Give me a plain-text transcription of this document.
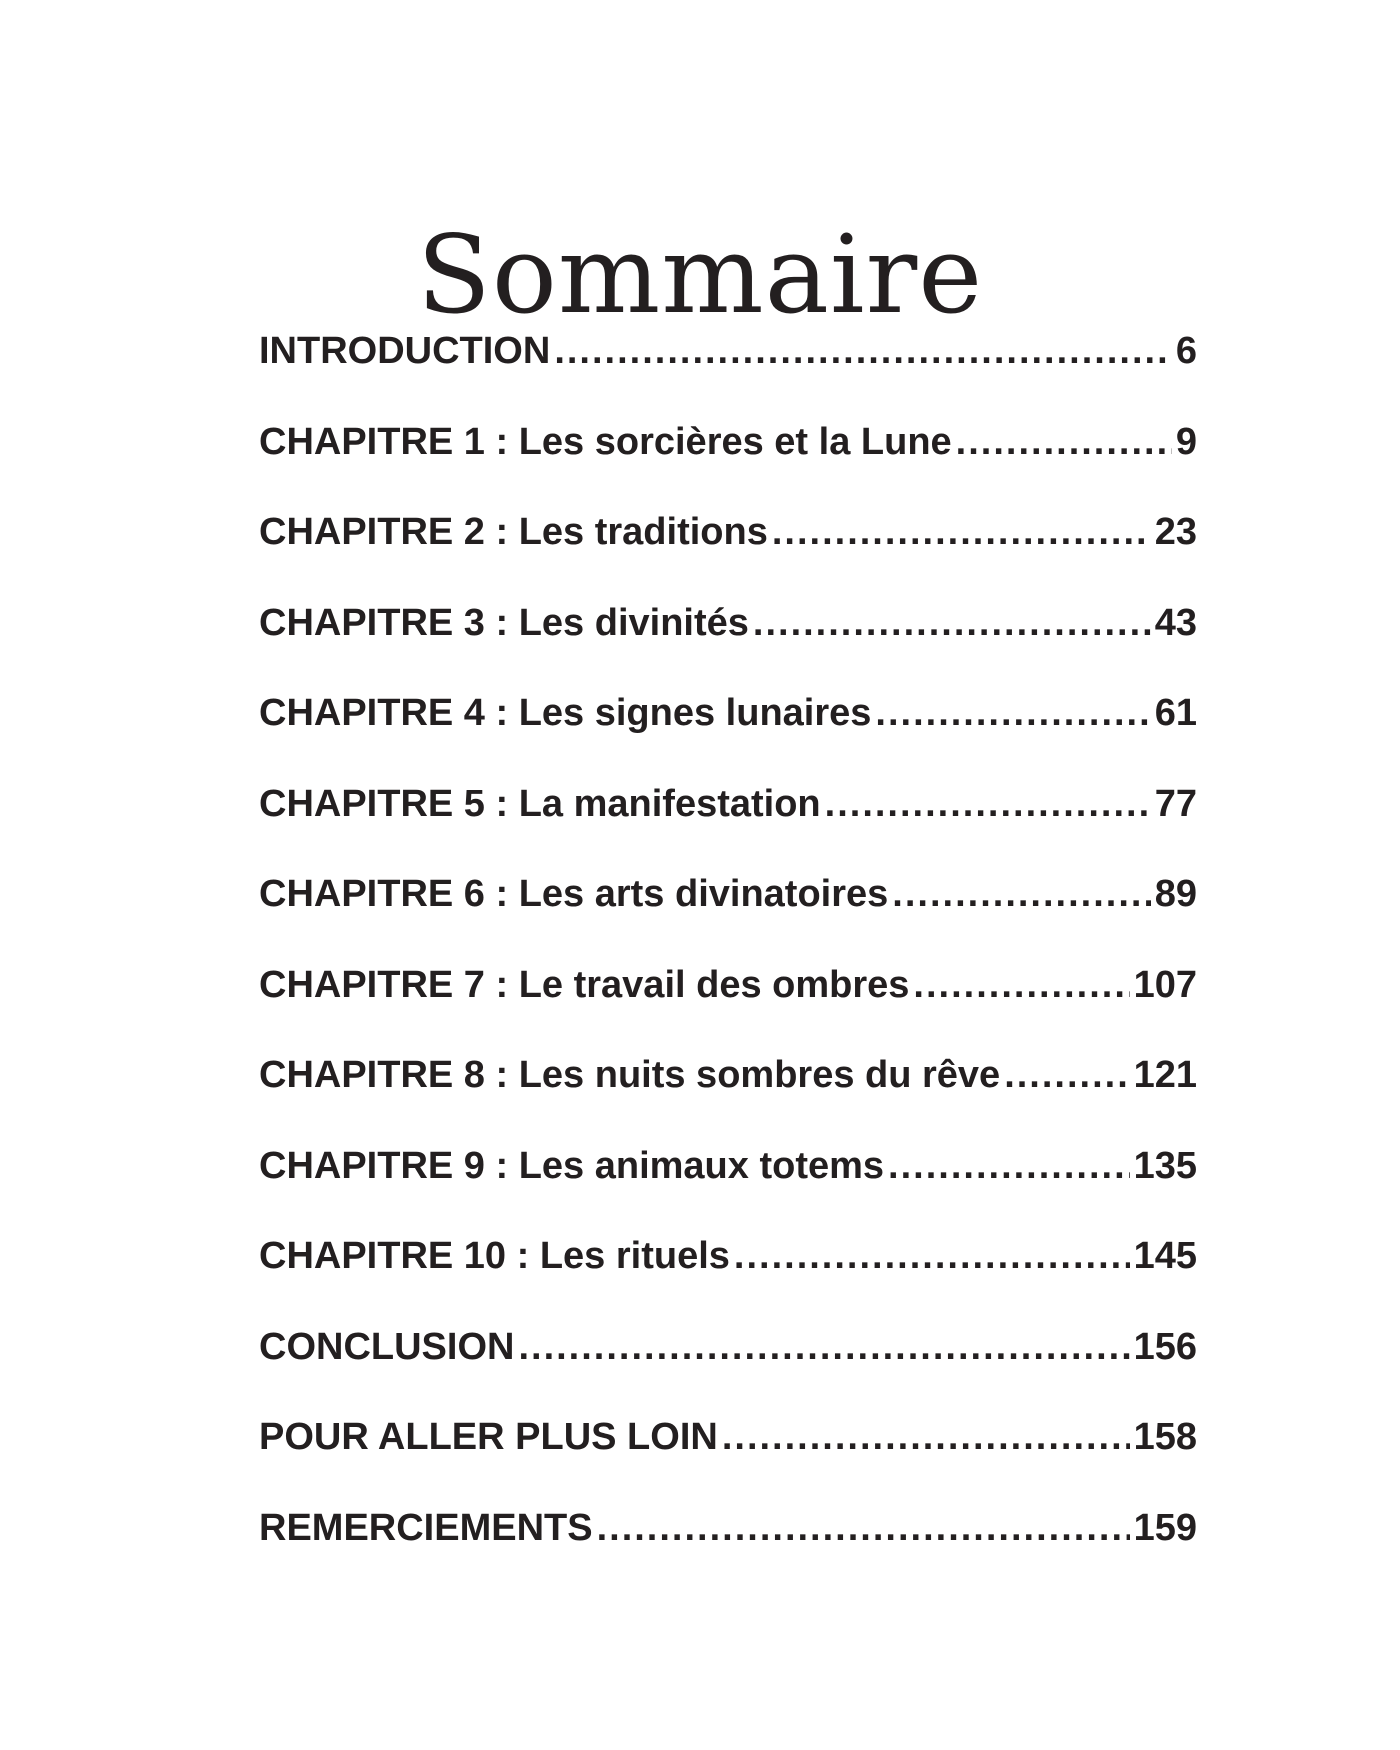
Sommaire
INTRODUCTION .....	6
CHAPITRE 1 : Les sorcières et la Lune .....	9
CHAPITRE 2 : Les traditions .....	23
CHAPITRE 3 : Les divinités .....	43
CHAPITRE 4 : Les signes lunaires .....	61
CHAPITRE 5 : La manifestation .....	77
CHAPITRE 6 : Les arts divinatoires .....	89
CHAPITRE 7 : Le travail des ombres .....	107
CHAPITRE 8 : Les nuits sombres du rêve .....	121
CHAPITRE 9 : Les animaux totems .....	135
CHAPITRE 10 : Les rituels .....	145
CONCLUSION .....	156
POUR ALLER PLUS LOIN .....	158
REMERCIEMENTS .....	159
